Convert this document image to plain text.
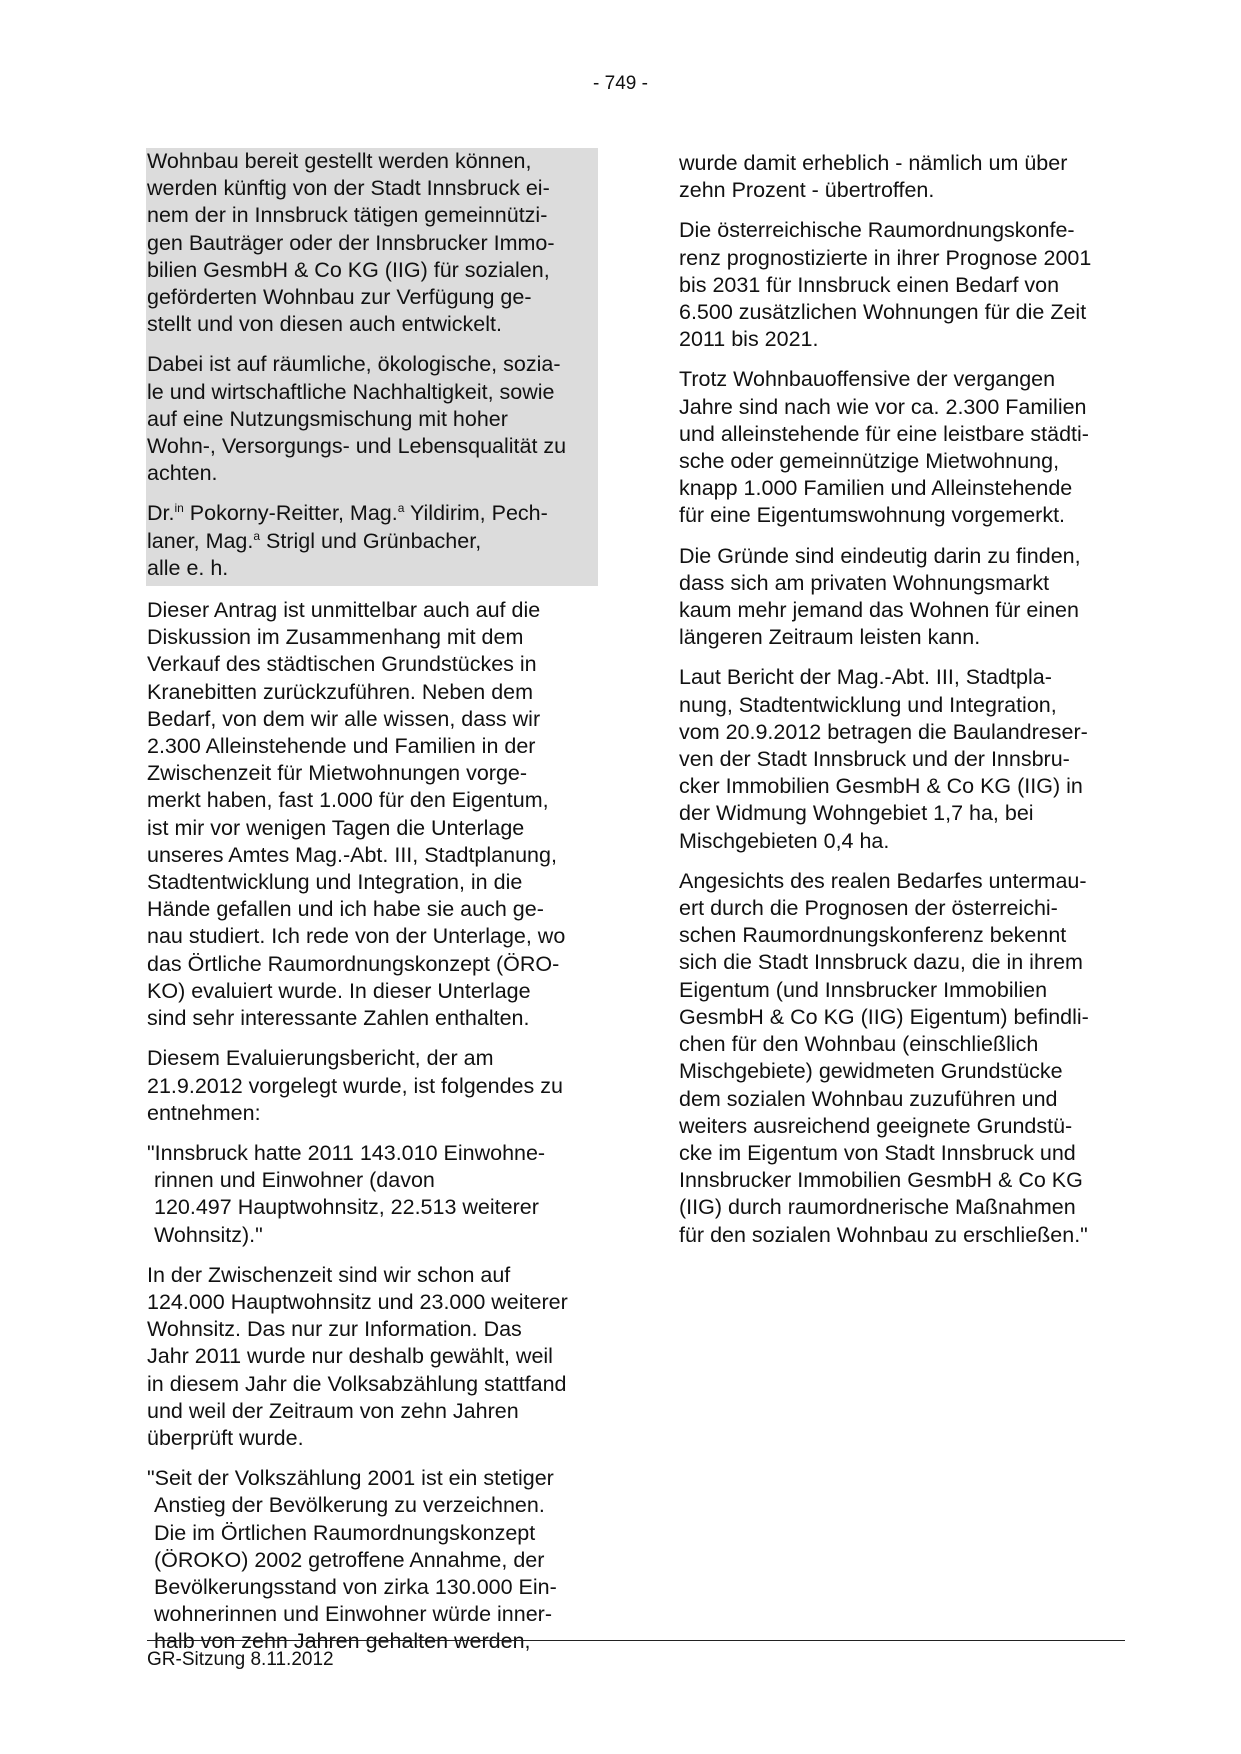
- 749 -

Wohnbau bereit gestellt werden können,
werden künftig von der Stadt Innsbruck ei-
nem der in Innsbruck tätigen gemeinnützi-
gen Bauträger oder der Innsbrucker Immo-
bilien GesmbH & Co KG (IIG) für sozialen,
geförderten Wohnbau zur Verfügung ge-
stellt und von diesen auch entwickelt.

Dabei ist auf räumliche, ökologische, sozia-
le und wirtschaftliche Nachhaltigkeit, sowie
auf eine Nutzungsmischung mit hoher
Wohn-, Versorgungs- und Lebensqualität zu
achten.

Dr.$^{in}$ Pokorny-Reitter, Mag.$^a$ Yildirim, Pech-
laner, Mag.$^a$ Strigl und Grünbacher,
alle e. h.

Dieser Antrag ist unmittelbar auch auf die
Diskussion im Zusammenhang mit dem
Verkauf des städtischen Grundstückes in
Kranebitten zurückzuführen. Neben dem
Bedarf, von dem wir alle wissen, dass wir
2.300 Alleinstehende und Familien in der
Zwischenzeit für Mietwohnungen vorge-
merkt haben, fast 1.000 für den Eigentum,
ist mir vor wenigen Tagen die Unterlage
unseres Amtes Mag.-Abt. III, Stadtplanung,
Stadtentwicklung und Integration, in die
Hände gefallen und ich habe sie auch ge-
nau studiert. Ich rede von der Unterlage, wo
das Örtliche Raumordnungskonzept (ÖRO-
KO) evaluiert wurde. In dieser Unterlage
sind sehr interessante Zahlen enthalten.

Diesem Evaluierungsbericht, der am
21.9.2012 vorgelegt wurde, ist folgendes zu
entnehmen:

"Innsbruck hatte 2011 143.010 Einwohne-
rinnen und Einwohner (davon
120.497 Hauptwohnsitz, 22.513 weiterer
Wohnsitz)."

In der Zwischenzeit sind wir schon auf
124.000 Hauptwohnsitz und 23.000 weiterer
Wohnsitz. Das nur zur Information. Das
Jahr 2011 wurde nur deshalb gewählt, weil
in diesem Jahr die Volksabzählung stattfand
und weil der Zeitraum von zehn Jahren
überprüft wurde.

"Seit der Volkszählung 2001 ist ein stetiger
Anstieg der Bevölkerung zu verzeichnen.
Die im Örtlichen Raumordnungskonzept
(ÖROKO) 2002 getroffene Annahme, der
Bevölkerungsstand von zirka 130.000 Ein-
wohnerinnen und Einwohner würde inner-
halb von zehn Jahren gehalten werden,

wurde damit erheblich - nämlich um über
zehn Prozent - übertroffen.

Die österreichische Raumordnungskonfe-
renz prognostizierte in ihrer Prognose 2001
bis 2031 für Innsbruck einen Bedarf von
6.500 zusätzlichen Wohnungen für die Zeit
2011 bis 2021.

Trotz Wohnbauoffensive der vergangen
Jahre sind nach wie vor ca. 2.300 Familien
und alleinstehende für eine leistbare städti-
sche oder gemeinnützige Mietwohnung,
knapp 1.000 Familien und Alleinstehende
für eine Eigentumswohnung vorgemerkt.

Die Gründe sind eindeutig darin zu finden,
dass sich am privaten Wohnungsmarkt
kaum mehr jemand das Wohnen für einen
längeren Zeitraum leisten kann.

Laut Bericht der Mag.-Abt. III, Stadtpla-
nung, Stadtentwicklung und Integration,
vom 20.9.2012 betragen die Baulandreser-
ven der Stadt Innsbruck und der Innsbru-
cker Immobilien GesmbH & Co KG (IIG) in
der Widmung Wohngebiet 1,7 ha, bei
Mischgebieten 0,4 ha.

Angesichts des realen Bedarfes untermau-
ert durch die Prognosen der österreichi-
schen Raumordnungskonferenz bekennt
sich die Stadt Innsbruck dazu, die in ihrem
Eigentum (und Innsbrucker Immobilien
GesmbH & Co KG (IIG) Eigentum) befindli-
chen für den Wohnbau (einschließlich
Mischgebiete) gewidmeten Grundstücke
dem sozialen Wohnbau zuzuführen und
weiters ausreichend geeignete Grundstü-
cke im Eigentum von Stadt Innsbruck und
Innsbrucker Immobilien GesmbH & Co KG
(IIG) durch raumordnerische Maßnahmen
für den sozialen Wohnbau zu erschließen."

GR-Sitzung 8.11.2012
